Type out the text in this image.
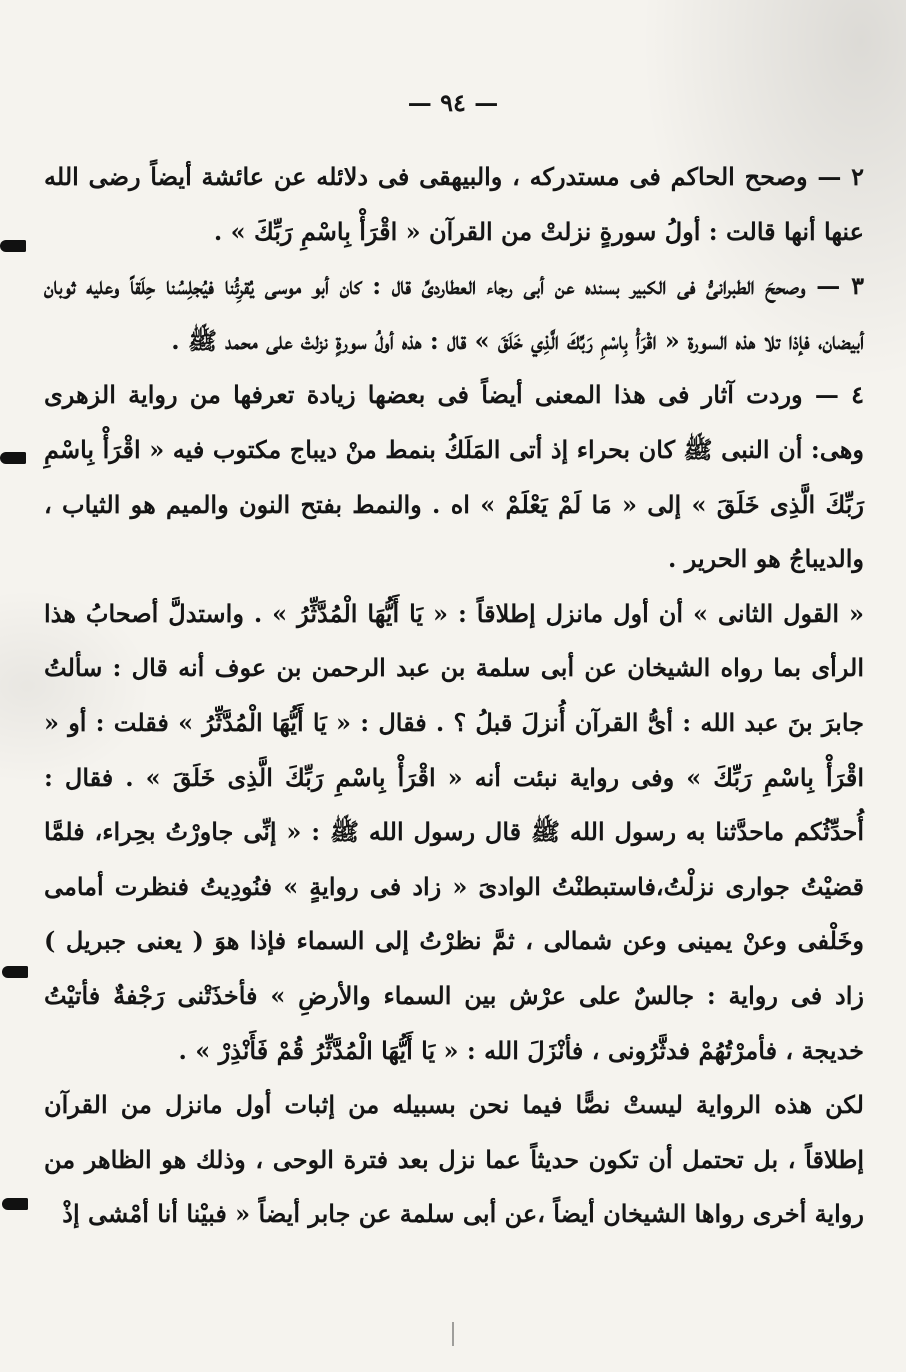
— ٩٤ —

٢ — وصحح الحاكم فى مستدركه ، والبيهقى فى دلائله عن عائشة أيضاً رضى الله عنها أنها قالت : أولُ سورةٍ نزلتْ من القرآن « اقْرَأْ بِاسْمِ رَبِّكَ » .

٣ — وصححَ الطبرانىُّ فى الكبير بسنده عن أبى رجاء العطاردىِّ قال : كان أبو موسى يُقرِئُنا فيُجلِسُنا حِلَقاً وعليه ثوبان أبيضان، فإذا تلا هذه السورة « اقْرَأْ بِاسْمِ رَبِّكَ الَّذِي خَلَقَ » قال : هذه أولُ سورةٍ نزلتْ على محمد ﷺ .

٤ — وردت آثار فى هذا المعنى أيضاً فى بعضها زيادة تعرفها من رواية الزهرى وهى: أن النبى ﷺ كان بحراء إذ أتى المَلَكُ بنمط منْ ديباج مكتوب فيه « اقْرَأْ بِاسْمِ رَبِّكَ الَّذِى خَلَقَ » إلى « مَا لَمْ يَعْلَمْ » اه . والنمط بفتح النون والميم هو الثياب ، والديباجُ هو الحرير .

« القول الثانى » أن أول مانزل إطلاقاً : « يَا أَيُّهَا الْمُدَّثِّرُ » . واستدلَّ أصحابُ هذا الرأى بما رواه الشيخان عن أبى سلمة بن عبد الرحمن بن عوف أنه قال : سألتُ جابرَ بنَ عبد الله : أىُّ القرآن أُنزلَ قبلُ ؟ . فقال : « يَا أَيُّهَا الْمُدَّثِّرُ » فقلت : أو « اقْرَأْ بِاسْمِ رَبِّكَ » وفى رواية نبئت أنه « اقْرَأْ بِاسْمِ رَبِّكَ الَّذِى خَلَقَ » . فقال : أُحدِّثُكم ماحدَّثنا به رسول الله ﷺ قال رسول الله ﷺ : « إنِّى جاورْتُ بحِراء، فلمَّا قضيْتُ جوارى نزلْتُ،فاستبطنْتُ الوادىَ « زاد فى روايةٍ » فنُودِيتُ فنظرت أمامى وخَلْفى وعنْ يمينى وعن شمالى ، ثمَّ نظرْتُ إلى السماء فإذا هوَ ( يعنى جبريل ) زاد فى رواية : جالسٌ على عرْش بين السماء والأرضِ » فأخذَتْنى رَجْفةٌ فأتيْتُ خديجة ، فأمرْتُهُمْ فدثَّرُونى ، فأنْزَلَ الله : « يَا أَيُّهَا الْمُدَّثِّرُ قُمْ فَأَنْذِرْ » .

لكن هذه الرواية ليستْ نصًّا فيما نحن بسبيله من إثبات أول مانزل من القرآن إطلاقاً ، بل تحتمل أن تكون حديثاً عما نزل بعد فترة الوحى ، وذلك هو الظاهر من رواية أخرى رواها الشيخان أيضاً ،عن أبى سلمة عن جابر أيضاً « فبيْنا أنا أمْشى إذْ
